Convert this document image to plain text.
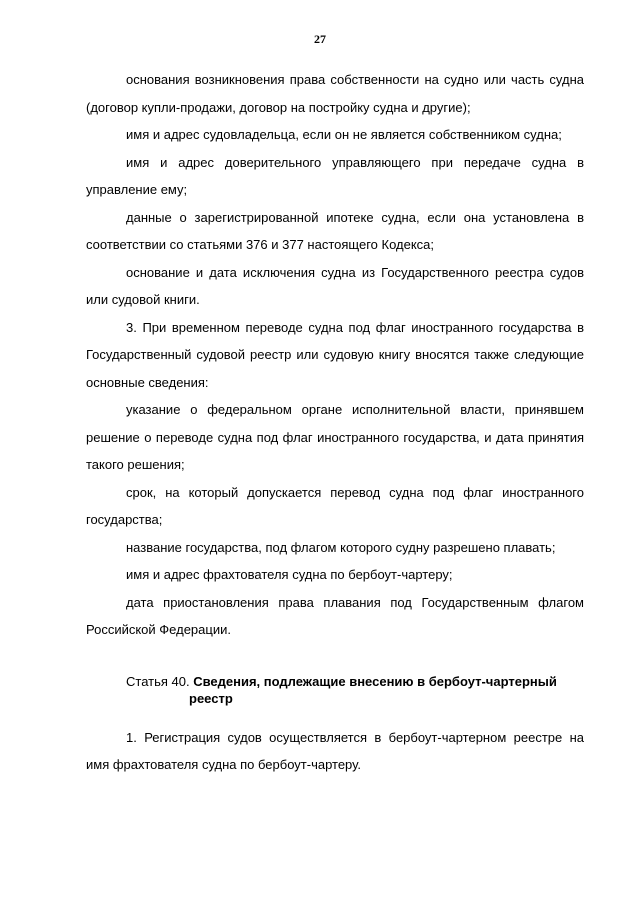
27

основания возникновения права собственности на судно или часть судна (договор купли-продажи, договор на постройку судна и другие);

имя и адрес судовладельца, если он не является собственником судна;

имя и адрес доверительного управляющего при передаче судна в управление ему;

данные о зарегистрированной ипотеке судна, если она установлена в соответствии со статьями 376 и 377 настоящего Кодекса;

основание и дата исключения судна из Государственного реестра судов или судовой книги.

3. При временном переводе судна под флаг иностранного государства в Государственный судовой реестр или судовую книгу вносятся также следующие основные сведения:

указание о федеральном органе исполнительной власти, принявшем решение о переводе судна под флаг иностранного государства, и дата принятия такого решения;

срок, на который допускается перевод судна под флаг иностранного государства;

название государства, под флагом которого судну разрешено плавать;

имя и адрес фрахтователя судна по бербоут-чартеру;

дата приостановления права плавания под Государственным флагом Российской Федерации.

Статья 40. Сведения, подлежащие внесению в бербоут-чартерный
реестр

1. Регистрация судов осуществляется в бербоут-чартерном реестре на имя фрахтователя судна по бербоут-чартеру.
